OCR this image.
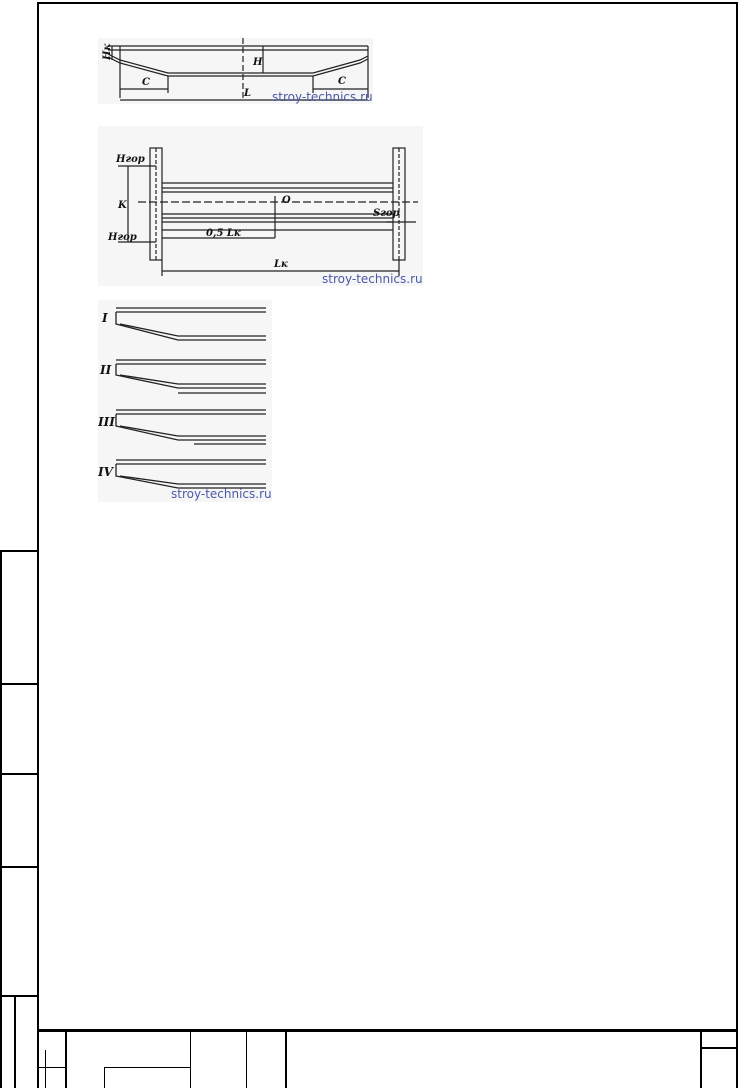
Hк
H
C	C
L stroy-technics.ru
Hгор
Hгор
K	O
Sгор
0,5 Lк
Lк
stroy-technics.ru
I
II
III
IV
stroy-technics.ru
